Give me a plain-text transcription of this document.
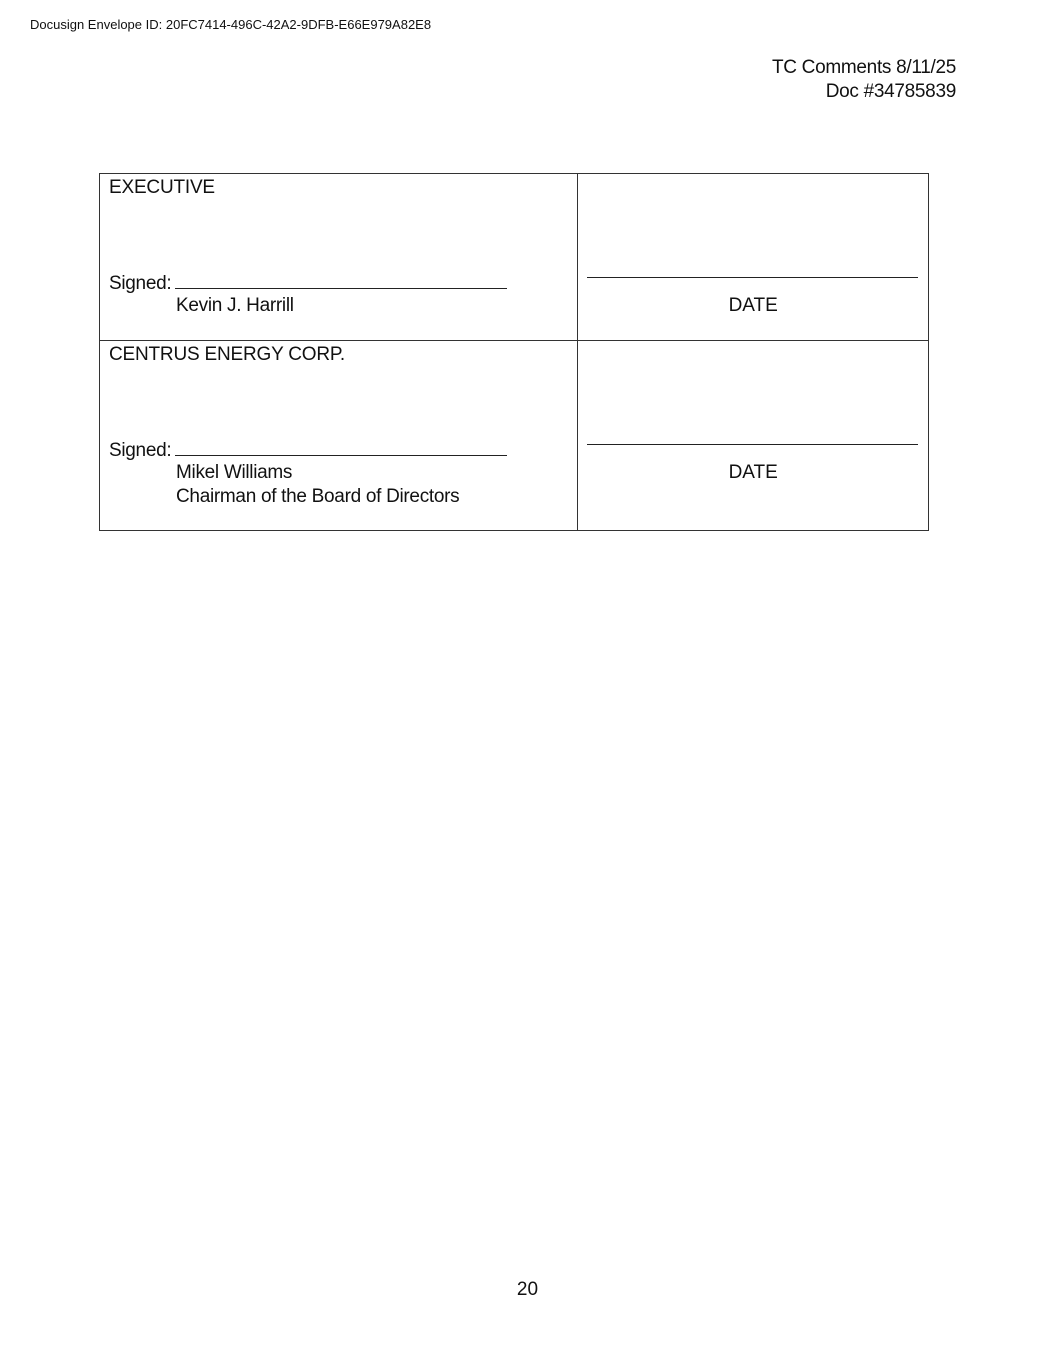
Docusign Envelope ID: 20FC7414-496C-42A2-9DFB-E66E979A82E8
TC Comments 8/11/25
Doc #34785839
EXECUTIVE
Signed:
Kevin J. Harrill	DATE

CENTRUS ENERGY CORP.
Signed:
Mikel Williams
Chairman of the Board of Directors	DATE
20
